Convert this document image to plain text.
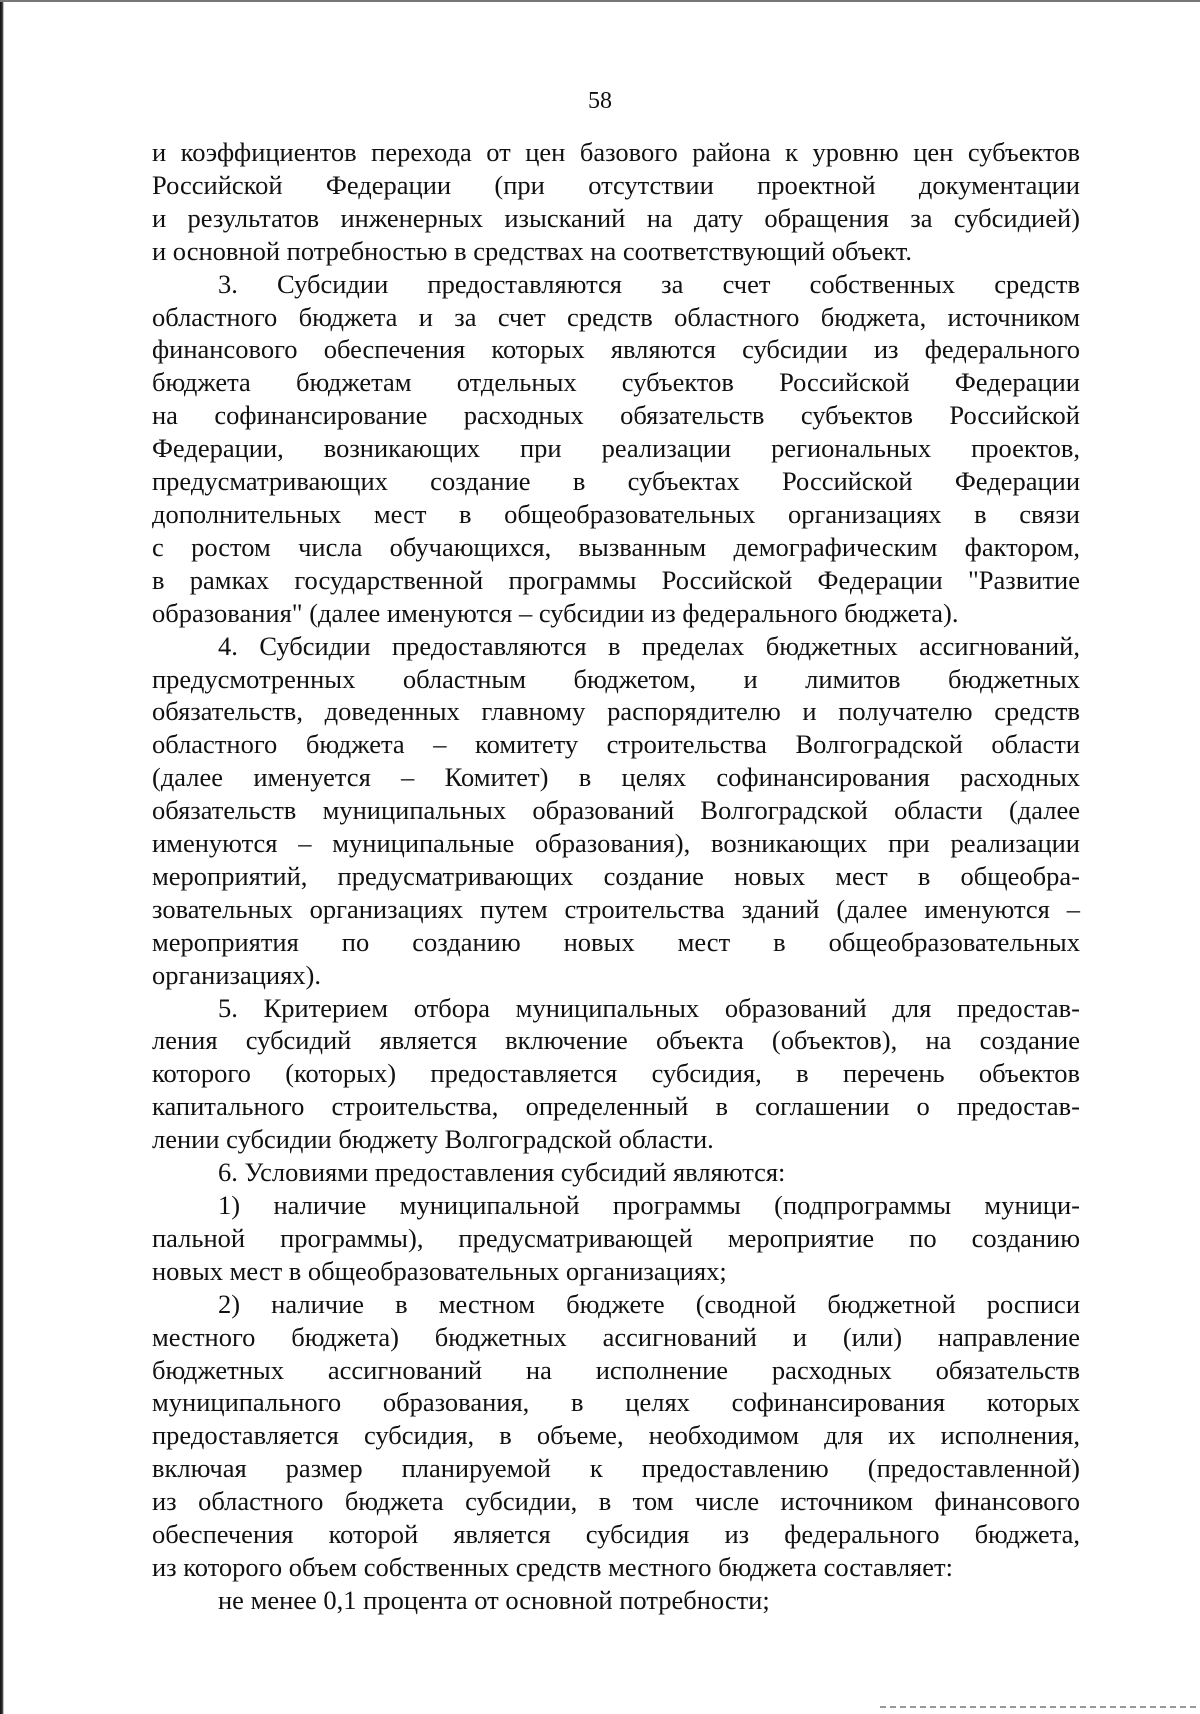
58
и коэффициентов перехода от цен базового района к уровню цен субъектов
Российской Федерации (при отсутствии проектной документации
и результатов инженерных изысканий на дату обращения за субсидией)
и основной потребностью в средствах на соответствующий объект.
3. Субсидии предоставляются за счет собственных средств
областного бюджета и за счет средств областного бюджета, источником
финансового обеспечения которых являются субсидии из федерального
бюджета бюджетам отдельных субъектов Российской Федерации
на софинансирование расходных обязательств субъектов Российской
Федерации, возникающих при реализации региональных проектов,
предусматривающих создание в субъектах Российской Федерации
дополнительных мест в общеобразовательных организациях в связи
с ростом числа обучающихся, вызванным демографическим фактором,
в рамках государственной программы Российской Федерации "Развитие
образования" (далее именуются – субсидии из федерального бюджета).
4. Субсидии предоставляются в пределах бюджетных ассигнований,
предусмотренных областным бюджетом, и лимитов бюджетных
обязательств, доведенных главному распорядителю и получателю средств
областного бюджета – комитету строительства Волгоградской области
(далее именуется – Комитет) в целях софинансирования расходных
обязательств муниципальных образований Волгоградской области (далее
именуются – муниципальные образования), возникающих при реализации
мероприятий, предусматривающих создание новых мест в общеобра-
зовательных организациях путем строительства зданий (далее именуются –
мероприятия по созданию новых мест в общеобразовательных
организациях).
5. Критерием отбора муниципальных образований для предостав-
ления субсидий является включение объекта (объектов), на создание
которого (которых) предоставляется субсидия, в перечень объектов
капитального строительства, определенный в соглашении о предостав-
лении субсидии бюджету Волгоградской области.
6. Условиями предоставления субсидий являются:
1) наличие муниципальной программы (подпрограммы муници-
пальной программы), предусматривающей мероприятие по созданию
новых мест в общеобразовательных организациях;
2) наличие в местном бюджете (сводной бюджетной росписи
местного бюджета) бюджетных ассигнований и (или) направление
бюджетных ассигнований на исполнение расходных обязательств
муниципального образования, в целях софинансирования которых
предоставляется субсидия, в объеме, необходимом для их исполнения,
включая размер планируемой к предоставлению (предоставленной)
из областного бюджета субсидии, в том числе источником финансового
обеспечения которой является субсидия из федерального бюджета,
из которого объем собственных средств местного бюджета составляет:
не менее 0,1 процента от основной потребности;
